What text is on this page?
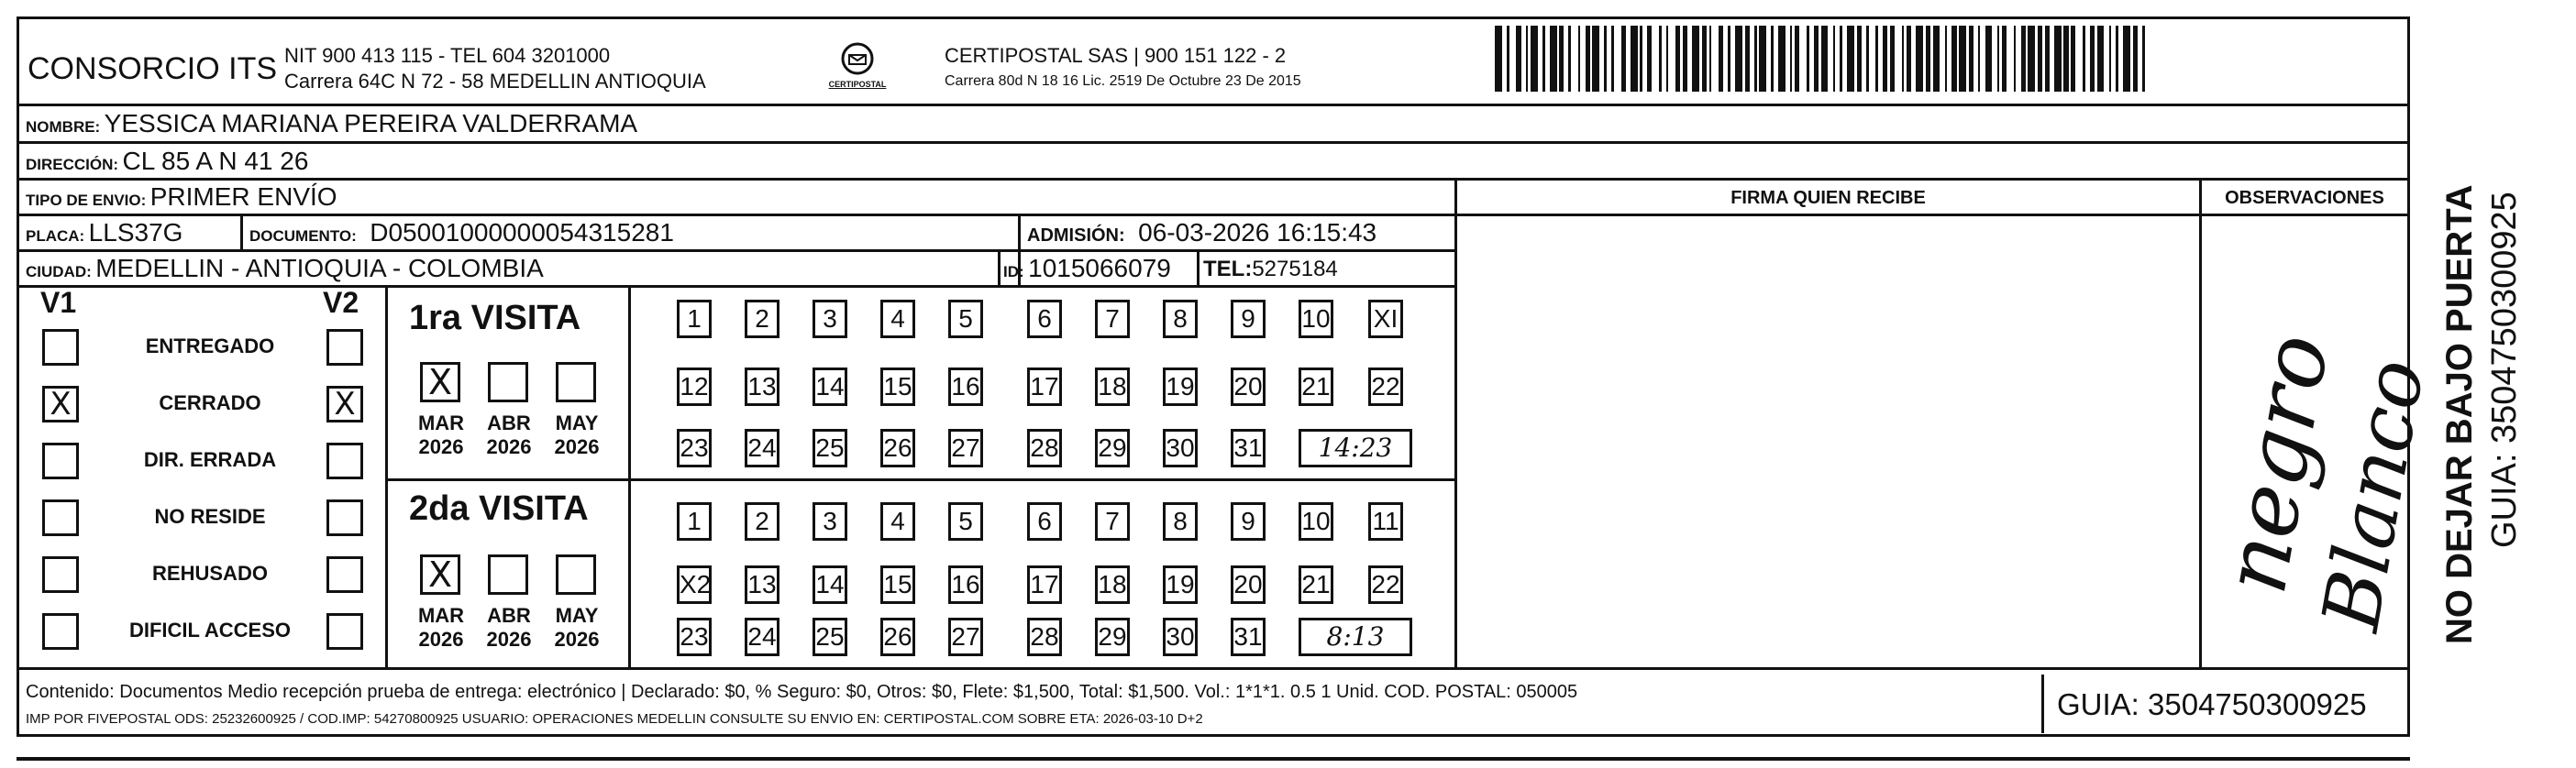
CONSORCIO ITS NIT 900 413 115 - TEL 604 3201000
Carrera 64C N 72 - 58 MEDELLIN ANTIOQUIA	CERTIPOSTAL
CERTIPOSTAL SAS | 900 151 122 - 2
Carrera 80d N 18 16 Lic. 2519 De Octubre 23 De 2015
NOMBRE: YESSICA MARIANA PEREIRA VALDERRAMA
DIRECCIÓN: CL 85 A N 41 26
TIPO DE ENVIO: PRIMER ENVÍO	FIRMA QUIEN RECIBE	OBSERVACIONES
PLACA: LLS37G	DOCUMENTO: D05001000000054315281	ADMISIÓN: 06-03-2026 16:15:43
CIUDAD: MEDELLIN - ANTIOQUIA - COLOMBIA	ID: 1015066079 TEL:5275184
V1	V2
ENTREGADO
X	CERRADO	X
DIR. ERRADA
NO RESIDE
REHUSADO
DIFICIL ACCESO
1ra VISITA
2da VISITA
X
MAR
2026
ABR
2026
MAY
2026
X
MAR
2026
ABR
2026
MAY
2026
1	2	3	4	5	6	7	8	9	10 XI
12 13 14 15 16 17 18 19 20 21 22
23 24 25 26 27 28 29 30 31	14:23
1	2	3	4	5	6	7	8	9	10 11
X2 13 14 15 16 17 18 19 20 21 22
23 24 25 26 27 28 29 30 31	8:13
negro
Blanco
NO DEJAR BAJO PUERTA GUIA: 3504750300925
Contenido: Documentos Medio recepción prueba de entrega: electrónico | Declarado: $0, % Seguro: $0, Otros: $0, Flete: $1,500, Total: $1,500. Vol.: 1*1*1. 0.5 1 Unid. COD. POSTAL: 050005
IMP POR FIVEPOSTAL ODS: 25232600925 / COD.IMP: 54270800925 USUARIO: OPERACIONES MEDELLIN CONSULTE SU ENVIO EN: CERTIPOSTAL.COM SOBRE ETA: 2026-03-10 D+2	GUIA: 3504750300925
